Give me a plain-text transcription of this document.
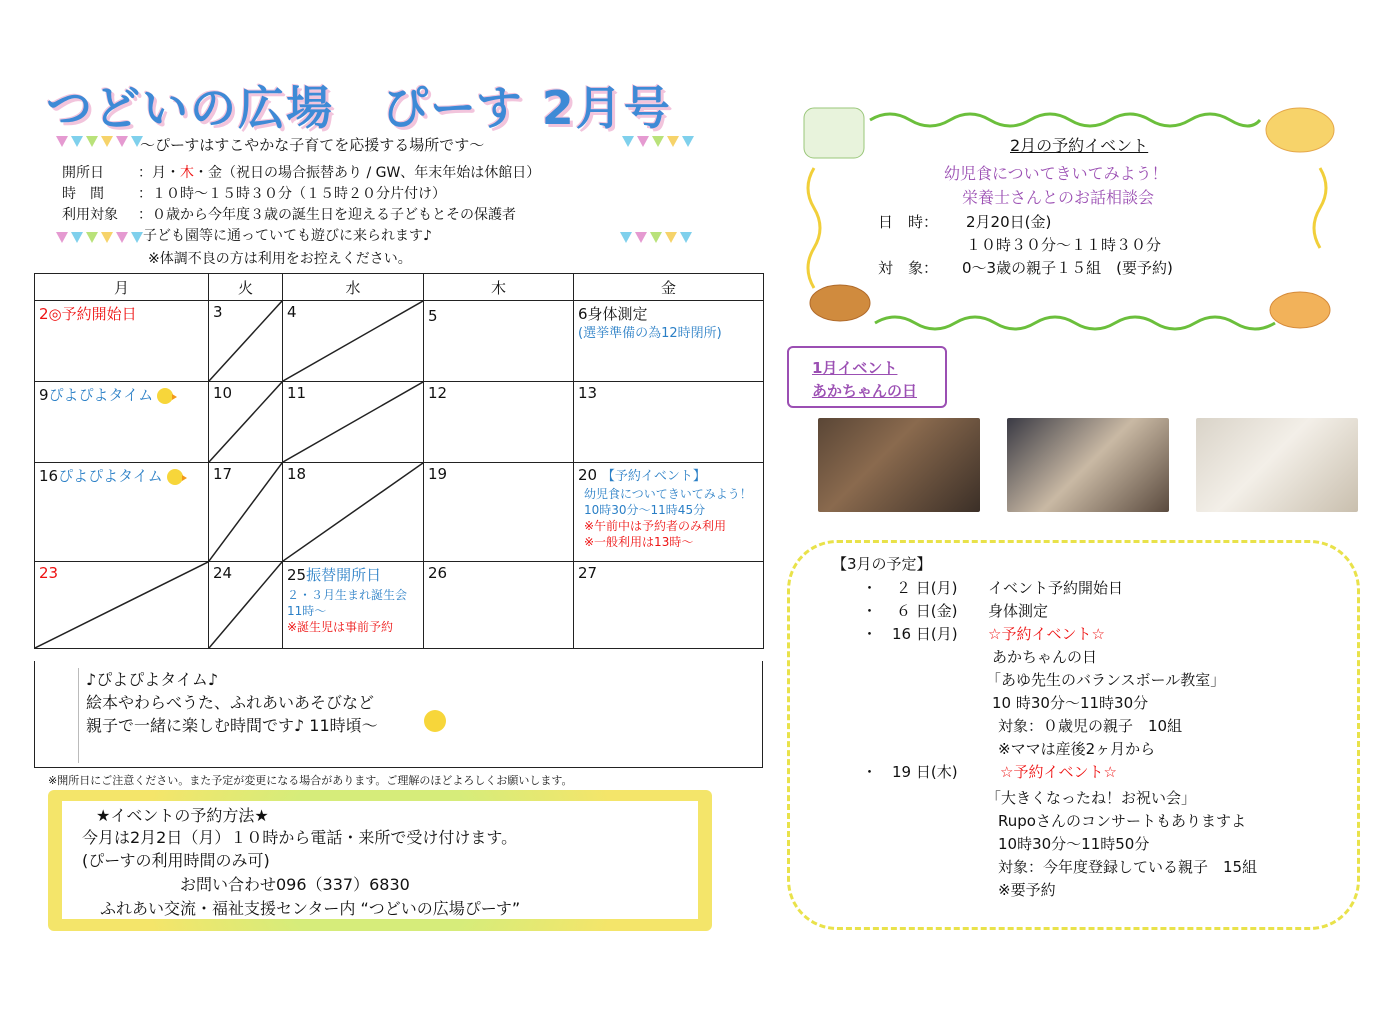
つどいの広場　ぴーす 2月号
～ぴーすはすこやかな子育てを応援する場所です～
開所日 ：月・木・金（祝日の場合振替あり / GW、年末年始は休館日）
時　間 ：１０時～１５時３０分（１５時２０分片付け）
利用対象 ：０歳から今年度３歳の誕生日を迎える子どもとその保護者
子ども園等に通っていても遊びに来られます♪
※体調不良の方は利用をお控えください。
月	火	水	木	金

2◎予約開始日	3	4	5	6身体測定
(選挙準備の為12時閉所)

9ぴよぴよタイム	10	11	12	13

16ぴよぴよタイム	17	18	19	20 【予約イベント】
幼児食についてきいてみよう！
10時30分～11時45分
※午前中は予約者のみ利用
※一般利用は13時～

23	24	25振替開所日
２・３月生まれ誕生会
11時～
※誕生児は事前予約	26	27
♪ぴよぴよタイム♪
絵本やわらべうた、ふれあいあそびなど
親子で一緒に楽しむ時間です♪ 11時頃～
※開所日にご注意ください。また予定が変更になる場合があります。ご理解のほどよろしくお願いします。
★イベントの予約方法★
今月は2月2日（月）１０時から電話・来所で受け付けます。
(ぴーすの利用時間のみ可)
お問い合わせ096（337）6830
ふれあい交流・福祉支援センター内 “つどいの広場ぴーす”
2月の予約イベント
幼児食についてきいてみよう！
栄養士さんとのお話相談会
日　時： 2月20日(金)
１０時３０分～１１時３０分
対　象： 0～3歳の親子１５組　(要予約)
1月イベント
あかちゃんの日
【3月の予定】
・ ２ 日(月) イベント予約開始日
・ ６ 日(金) 身体測定
・ 16 日(月) ☆予約イベント☆
あかちゃんの日
「あゆ先生のバランスボール教室」
10 時30分～11時30分
対象：０歳児の親子　10組
※ママは産後2ヶ月から
・ 19 日(木)	☆予約イベント☆
「大きくなったね！お祝い会」
Rupoさんのコンサートもありますよ
10時30分～11時50分
対象：今年度登録している親子　15組
※要予約
